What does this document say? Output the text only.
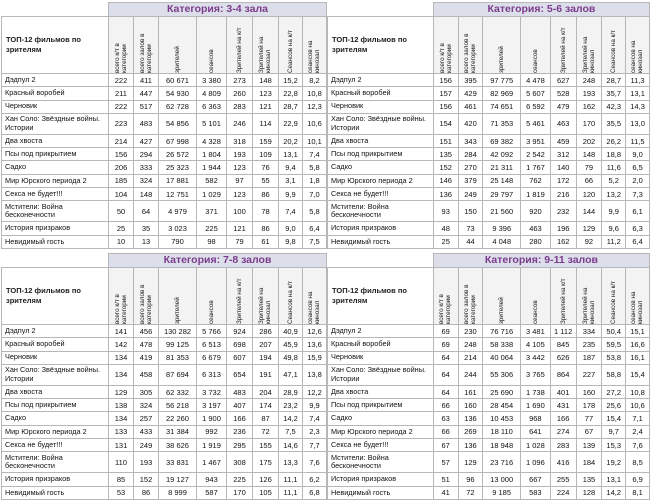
	Категория: 3-4 зала							
ТОП-12 фильмов по зрителям	всего к/т в категории	всего залов в категории	зрителей	сеансов	Зрителей на к/т	Зрителей на кинозал	Сеансов на к/т	сеансов на кинозал

Дэдпул 2	222	411	60 671	3 380	273	148	15,2	8,2
Красный воробей	211	447	54 930	4 809	260	123	22,8	10,8
Черновик	222	517	62 728	6 363	283	121	28,7	12,3
Хан Соло: Звёздные войны. Истории	223	483	54 856	5 101	246	114	22,9	10,6
Два хвоста	214	427	67 998	4 328	318	159	20,2	10,1
Псы под прикрытием	156	294	26 572	1 804	193	109	13,1	7,4
Садко	206	333	25 323	1 944	123	76	9,4	5,8
Мир Юрского периода 2	185	324	17 881	582	97	55	3,1	1,8
Секса не будет!!!	104	148	12 751	1 029	123	86	9,9	7,0
Мстители: Война бесконечности	50	64	4 979	371	100	78	7,4	5,8
История призраков	25	35	3 023	225	121	86	9,0	6,4
Невидимый гость	10	13	790	98	79	61	9,8	7,5
	Категория: 5-6 залов							
ТОП-12 фильмов по зрителям	всего к/т в категории	всего залов в категории	зрителей	сеансов	Зрителей на к/т	Зрителей на кинозал	Сеансов на к/т	сеансов на кинозал

Дэдпул 2	156	395	97 775	4 478	627	248	28,7	11,3
Красный воробей	157	429	82 969	5 607	528	193	35,7	13,1
Черновик	156	461	74 651	6 592	479	162	42,3	14,3
Хан Соло: Звёздные войны. Истории	154	420	71 353	5 461	463	170	35,5	13,0
Два хвоста	151	343	69 382	3 951	459	202	26,2	11,5
Псы под прикрытием	135	284	42 092	2 542	312	148	18,8	9,0
Садко	152	270	21 311	1 767	140	79	11,6	6,5
Мир Юрского периода 2	146	379	25 148	762	172	66	5,2	2,0
Секса не будет!!!	136	249	29 797	1 819	216	120	13,2	7,3
Мстители: Война бесконечности	93	150	21 560	920	232	144	9,9	6,1
История призраков	48	73	9 396	463	196	129	9,6	6,3
Невидимый гость	25	44	4 048	280	162	92	11,2	6,4
	Категория: 7-8 залов							
ТОП-12 фильмов по зрителям	всего к/т в категории	всего залов в категории	зрителей	сеансов	Зрителей на к/т	Зрителей на кинозал	Сеансов на к/т	сеансов на кинозал

Дэдпул 2	141	456	130 282	5 766	924	286	40,9	12,6
Красный воробей	142	478	99 125	6 513	698	207	45,9	13,6
Черновик	134	419	81 353	6 679	607	194	49,8	15,9
Хан Соло: Звёздные войны. Истории	134	458	87 694	6 313	654	191	47,1	13,8
Два хвоста	129	305	62 332	3 732	483	204	28,9	12,2
Псы под прикрытием	138	324	56 218	3 197	407	174	23,2	9,9
Садко	134	257	22 260	1 900	166	87	14,2	7,4
Мир Юрского периода 2	133	433	31 384	992	236	72	7,5	2,3
Секса не будет!!!	131	249	38 626	1 919	295	155	14,6	7,7
Мстители: Война бесконечности	110	193	33 831	1 467	308	175	13,3	7,6
История призраков	85	152	19 127	943	225	126	11,1	6,2
Невидимый гость	53	86	8 999	587	170	105	11,1	6,8
	Категория: 9-11 залов							
ТОП-12 фильмов по зрителям	всего к/т в категории	всего залов в категории	зрителей	сеансов	Зрителей на к/т	Зрителей на кинозал	Сеансов на к/т	сеансов на кинозал

Дэдпул 2	69	230	76 716	3 481	1 112	334	50,4	15,1
Красный воробей	69	248	58 338	4 105	845	235	59,5	16,6
Черновик	64	214	40 064	3 442	626	187	53,8	16,1
Хан Соло: Звёздные войны. Истории	64	244	55 306	3 765	864	227	58,8	15,4
Два хвоста	64	161	25 690	1 738	401	160	27,2	10,8
Псы под прикрытием	66	160	28 454	1 690	431	178	25,6	10,6
Садко	63	136	10 453	968	166	77	15,4	7,1
Мир Юрского периода 2	66	269	18 110	641	274	67	9,7	2,4
Секса не будет!!!	67	136	18 948	1 028	283	139	15,3	7,6
Мстители: Война бесконечности	57	129	23 716	1 096	416	184	19,2	8,5
История призраков	51	96	13 000	667	255	135	13,1	6,9
Невидимый гость	41	72	9 185	583	224	128	14,2	8,1
